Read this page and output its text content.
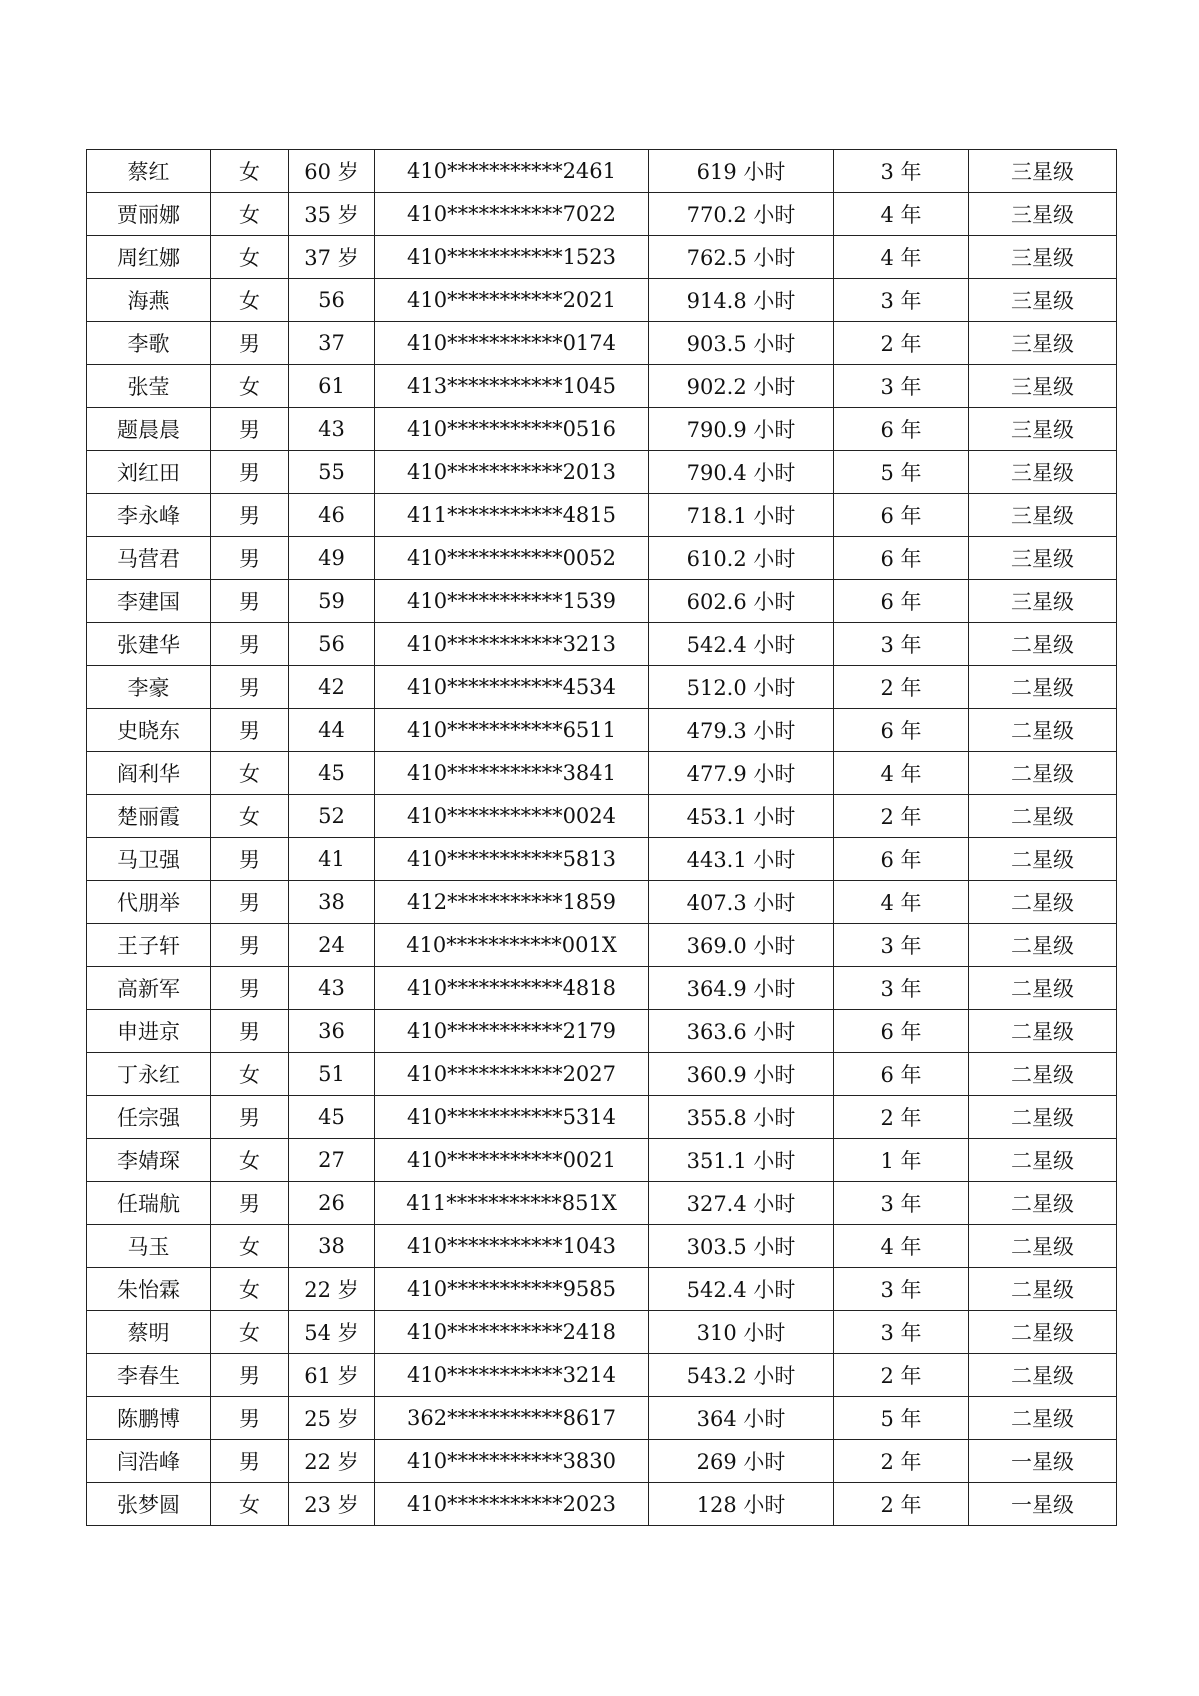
蔡红	女	60 岁	410***********2461	619 小时	3 年	三星级
贾丽娜	女	35 岁	410***********7022	770.2 小时	4 年	三星级
周红娜	女	37 岁	410***********1523	762.5 小时	4 年	三星级
海燕	女	56	410***********2021	914.8 小时	3 年	三星级
李歌	男	37	410***********0174	903.5 小时	2 年	三星级
张莹	女	61	413***********1045	902.2 小时	3 年	三星级
题晨晨	男	43	410***********0516	790.9 小时	6 年	三星级
刘红田	男	55	410***********2013	790.4 小时	5 年	三星级
李永峰	男	46	411***********4815	718.1 小时	6 年	三星级
马营君	男	49	410***********0052	610.2 小时	6 年	三星级
李建国	男	59	410***********1539	602.6 小时	6 年	三星级
张建华	男	56	410***********3213	542.4 小时	3 年	二星级
李豪	男	42	410***********4534	512.0 小时	2 年	二星级
史晓东	男	44	410***********6511	479.3 小时	6 年	二星级
阎利华	女	45	410***********3841	477.9 小时	4 年	二星级
楚丽霞	女	52	410***********0024	453.1 小时	2 年	二星级
马卫强	男	41	410***********5813	443.1 小时	6 年	二星级
代朋举	男	38	412***********1859	407.3 小时	4 年	二星级
王子轩	男	24	410***********001X	369.0 小时	3 年	二星级
高新军	男	43	410***********4818	364.9 小时	3 年	二星级
申进京	男	36	410***********2179	363.6 小时	6 年	二星级
丁永红	女	51	410***********2027	360.9 小时	6 年	二星级
任宗强	男	45	410***********5314	355.8 小时	2 年	二星级
李婧琛	女	27	410***********0021	351.1 小时	1 年	二星级
任瑞航	男	26	411***********851X	327.4 小时	3 年	二星级
马玉	女	38	410***********1043	303.5 小时	4 年	二星级
朱怡霖	女	22 岁	410***********9585	542.4 小时	3 年	二星级
蔡明	女	54 岁	410***********2418	310 小时	3 年	二星级
李春生	男	61 岁	410***********3214	543.2 小时	2 年	二星级
陈鹏博	男	25 岁	362***********8617	364 小时	5 年	二星级
闫浩峰	男	22 岁	410***********3830	269 小时	2 年	一星级
张梦圆	女	23 岁	410***********2023	128 小时	2 年	一星级
